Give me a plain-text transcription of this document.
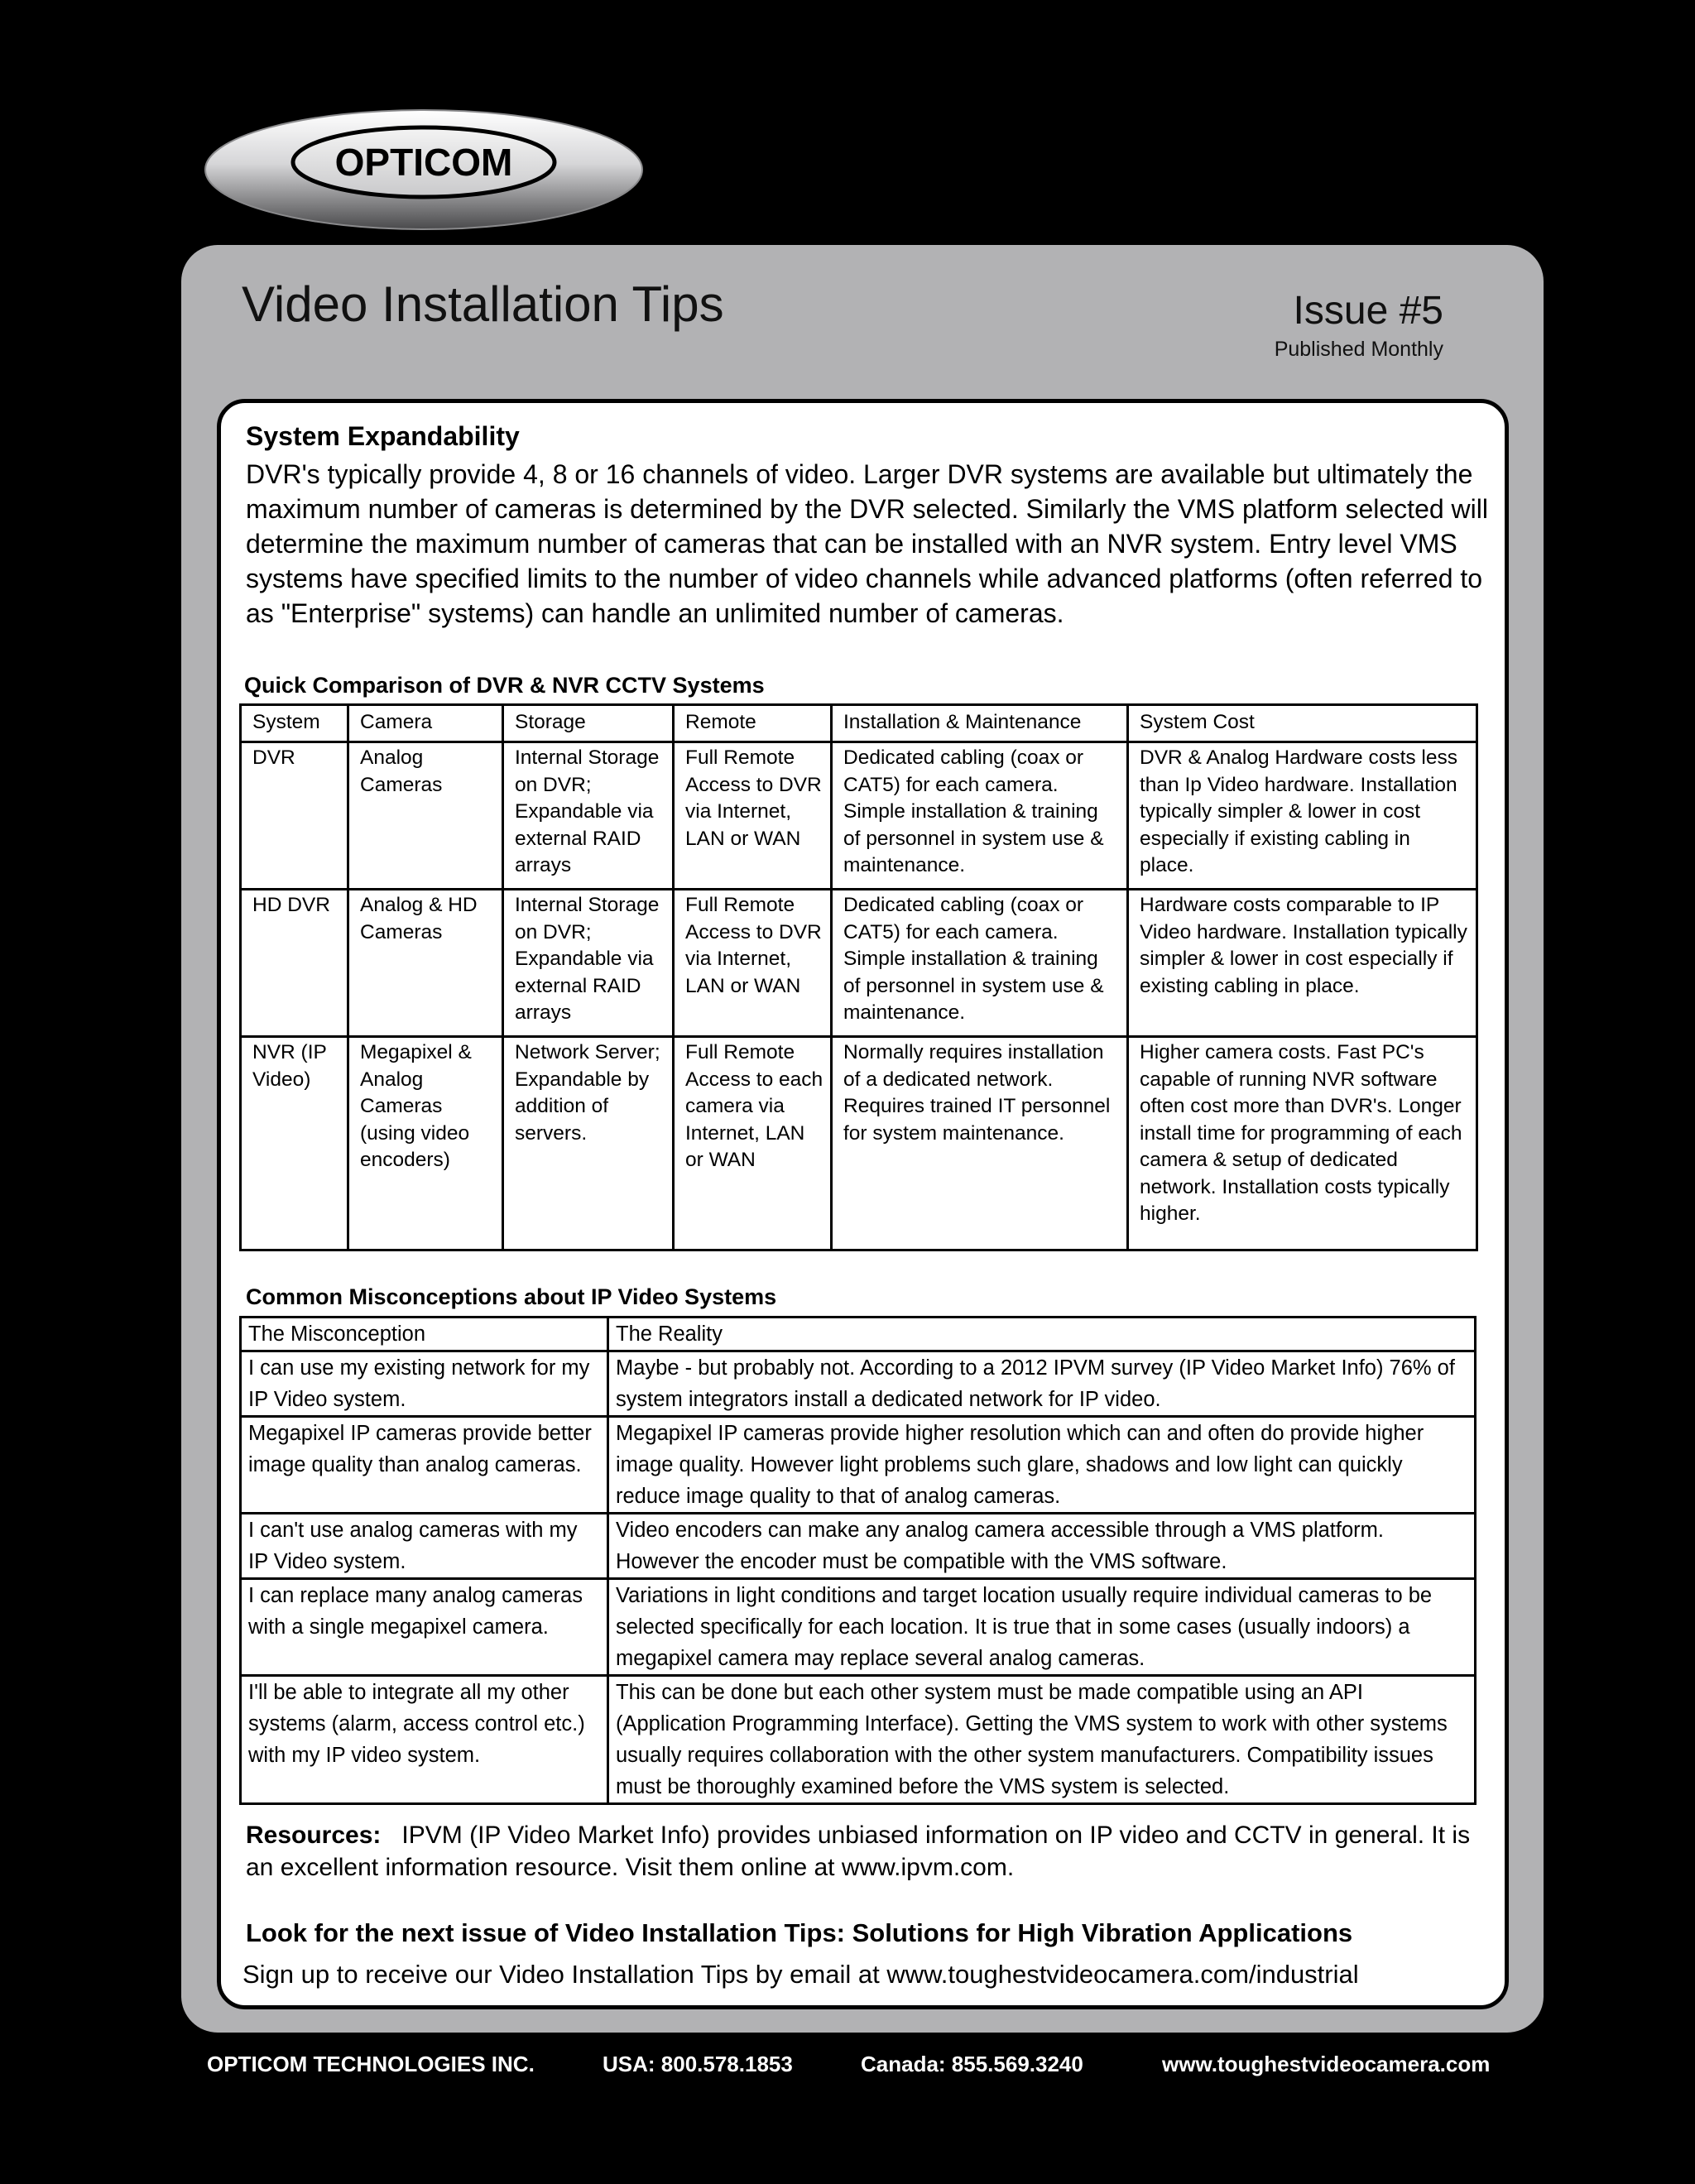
OPTICOM
Video Installation Tips	Issue #5
Published Monthly
System Expandability
DVR's typically provide 4, 8 or 16 channels of video. Larger DVR systems are available but ultimately the maximum number of cameras is determined by the DVR selected. Similarly the VMS platform selected will determine the maximum number of cameras that can be installed with an NVR system. Entry level VMS systems have specified limits to the number of video channels while advanced platforms (often referred to as "Enterprise" systems) can handle an unlimited number of cameras.
Quick Comparison of DVR & NVR CCTV Systems
System	Camera	Storage	Remote	Installation & Maintenance	System Cost
DVR	Analog Cameras	Internal Storage on DVR; Expandable via external RAID arrays	Full Remote Access to DVR via Internet, LAN or WAN	Dedicated cabling (coax or CAT5) for each camera. Simple installation & training of personnel in system use & maintenance.	DVR & Analog Hardware costs less than Ip Video hardware. Installation typically simpler & lower in cost especially if existing cabling in place.
HD DVR	Analog & HD Cameras	Internal Storage on DVR; Expandable via external RAID arrays	Full Remote Access to DVR via Internet, LAN or WAN	Dedicated cabling (coax or CAT5) for each camera. Simple installation & training of personnel in system use & maintenance.	Hardware costs comparable to IP Video hardware. Installation typically simpler & lower in cost especially if existing cabling in place.
NVR (IP Video)	Megapixel & Analog Cameras (using video encoders)	Network Server; Expandable by addition of servers.	Full Remote Access to each camera via Internet, LAN or WAN	Normally requires installation of a dedicated network. Requires trained IT personnel for system maintenance.	Higher camera costs. Fast PC's capable of running NVR software often cost more than DVR's. Longer install time for programming of each camera & setup of dedicated network. Installation costs typically higher.
Common Misconceptions about IP Video Systems
The Misconception	The Reality
I can use my existing network for my IP Video system.	Maybe - but probably not. According to a 2012 IPVM survey (IP Video Market Info) 76% of system integrators install a dedicated network for IP video.
Megapixel IP cameras provide better image quality than analog cameras.	Megapixel IP cameras provide higher resolution which can and often do provide higher image quality. However light problems such glare, shadows and low light can quickly reduce image quality to that of analog cameras.
I can't use analog cameras with my IP Video system.	Video encoders can make any analog camera accessible through a VMS platform. However the encoder must be compatible with the VMS software.
I can replace many analog cameras with a single megapixel camera.	Variations in light conditions and target location usually require individual cameras to be selected specifically for each location. It is true that in some cases (usually indoors) a megapixel camera may replace several analog cameras.
I'll be able to integrate all my other systems (alarm, access control etc.) with my IP video system.	This can be done but each other system must be made compatible using an API (Application Programming Interface). Getting the VMS system to work with other systems usually requires collaboration with the other system manufacturers. Compatibility issues must be thoroughly examined before the VMS system is selected.
Resources: IPVM (IP Video Market Info) provides unbiased information on IP video and CCTV in general. It is an excellent information resource. Visit them online at www.ipvm.com.
Look for the next issue of Video Installation Tips: Solutions for High Vibration Applications
Sign up to receive our Video Installation Tips by email at www.toughestvideocamera.com/industrial
OPTICOM TECHNOLOGIES INC.	USA: 800.578.1853	Canada: 855.569.3240	www.toughestvideocamera.com
